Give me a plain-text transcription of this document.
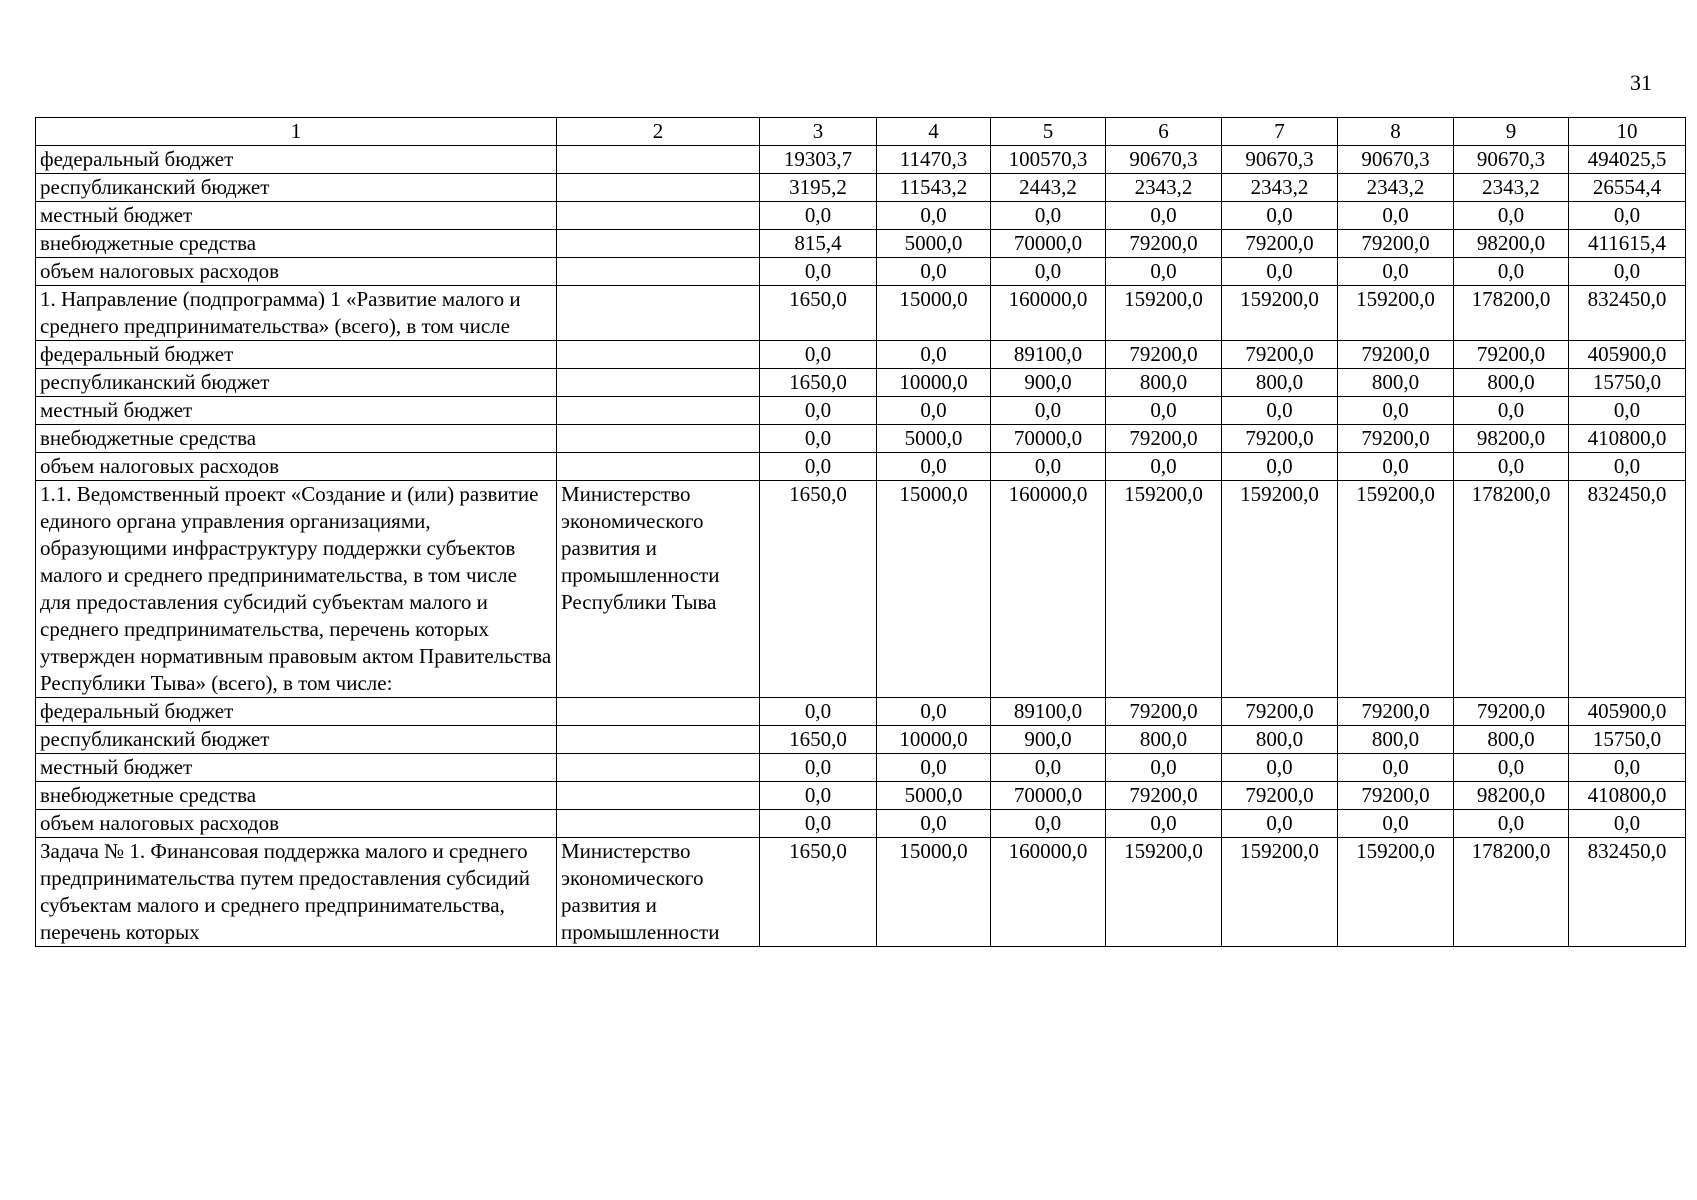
31
1	2	3	4	5	6	7	8	9	10
федеральный бюджет		19303,7	11470,3	100570,3	90670,3	90670,3	90670,3	90670,3	494025,5
республиканский бюджет		3195,2	11543,2	2443,2	2343,2	2343,2	2343,2	2343,2	26554,4
местный бюджет		0,0	0,0	0,0	0,0	0,0	0,0	0,0	0,0
внебюджетные средства		815,4	5000,0	70000,0	79200,0	79200,0	79200,0	98200,0	411615,4
объем налоговых расходов		0,0	0,0	0,0	0,0	0,0	0,0	0,0	0,0
1. Направление (подпрограмма) 1 «Развитие малого и среднего предпринимательства» (всего), в том числе		1650,0	15000,0	160000,0	159200,0	159200,0	159200,0	178200,0	832450,0
федеральный бюджет		0,0	0,0	89100,0	79200,0	79200,0	79200,0	79200,0	405900,0
республиканский бюджет		1650,0	10000,0	900,0	800,0	800,0	800,0	800,0	15750,0
местный бюджет		0,0	0,0	0,0	0,0	0,0	0,0	0,0	0,0
внебюджетные средства		0,0	5000,0	70000,0	79200,0	79200,0	79200,0	98200,0	410800,0
объем налоговых расходов		0,0	0,0	0,0	0,0	0,0	0,0	0,0	0,0
1.1. Ведомственный проект «Создание и (или) развитие единого органа управления организациями, образующими инфраструктуру поддержки субъектов малого и среднего предпринимательства, в том числе для предоставления субсидий субъектам малого и среднего предпринимательства, перечень которых утвержден нормативным правовым актом Правительства Республики Тыва» (всего), в том числе:	Министерство экономического развития и промышленности Республики Тыва	1650,0	15000,0	160000,0	159200,0	159200,0	159200,0	178200,0	832450,0
федеральный бюджет		0,0	0,0	89100,0	79200,0	79200,0	79200,0	79200,0	405900,0
республиканский бюджет		1650,0	10000,0	900,0	800,0	800,0	800,0	800,0	15750,0
местный бюджет		0,0	0,0	0,0	0,0	0,0	0,0	0,0	0,0
внебюджетные средства		0,0	5000,0	70000,0	79200,0	79200,0	79200,0	98200,0	410800,0
объем налоговых расходов		0,0	0,0	0,0	0,0	0,0	0,0	0,0	0,0
Задача № 1. Финансовая поддержка малого и среднего предпринимательства путем предоставления субсидий субъектам малого и среднего предпринимательства, перечень которых	Министерство экономического развития и промышленности	1650,0	15000,0	160000,0	159200,0	159200,0	159200,0	178200,0	832450,0
